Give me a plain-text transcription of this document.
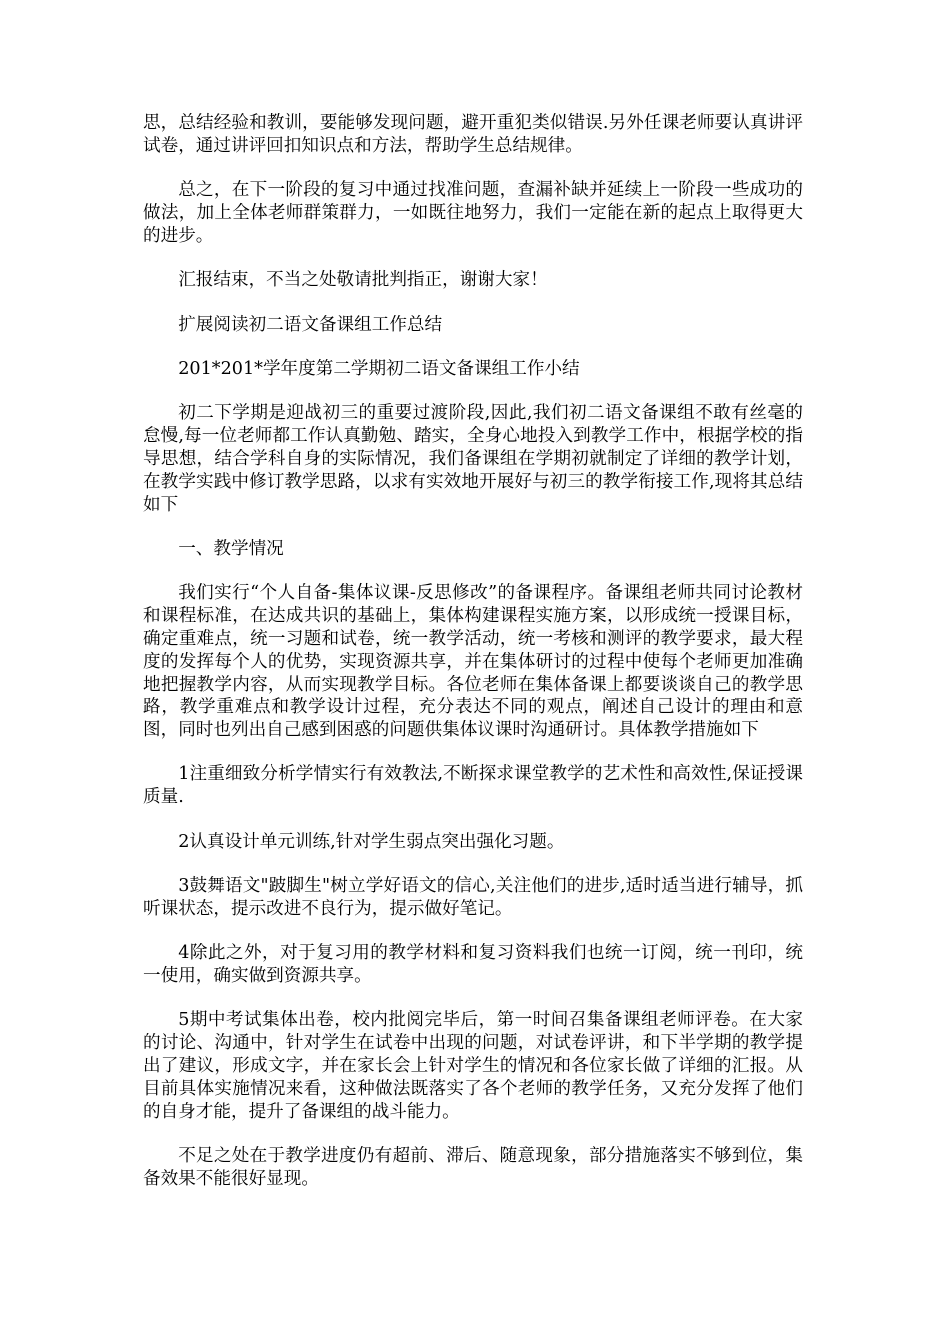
思，总结经验和教训，要能够发现问题，避开重犯类似错误.另外任课老师要认真讲评试卷，通过讲评回扣知识点和方法，帮助学生总结规律。

总之，在下一阶段的复习中通过找准问题，查漏补缺并延续上一阶段一些成功的做法，加上全体老师群策群力，一如既往地努力，我们一定能在新的起点上取得更大的进步。

汇报结束，不当之处敬请批判指正，谢谢大家！

扩展阅读初二语文备课组工作总结

201*201*学年度第二学期初二语文备课组工作小结

初二下学期是迎战初三的重要过渡阶段,因此,我们初二语文备课组不敢有丝毫的怠慢,每一位老师都工作认真勤勉、踏实，全身心地投入到教学工作中，根据学校的指导思想，结合学科自身的实际情况，我们备课组在学期初就制定了详细的教学计划，在教学实践中修订教学思路，以求有实效地开展好与初三的教学衔接工作,现将其总结如下

一、教学情况

我们实行“个人自备-集体议课-反思修改”的备课程序。备课组老师共同讨论教材和课程标准，在达成共识的基础上，集体构建课程实施方案，以形成统一授课目标，确定重难点，统一习题和试卷，统一教学活动，统一考核和测评的教学要求，最大程度的发挥每个人的优势，实现资源共享，并在集体研讨的过程中使每个老师更加准确地把握教学内容，从而实现教学目标。各位老师在集体备课上都要谈谈自己的教学思路，教学重难点和教学设计过程，充分表达不同的观点，阐述自己设计的理由和意图，同时也列出自己感到困惑的问题供集体议课时沟通研讨。具体教学措施如下

1注重细致分析学情实行有效教法,不断探求课堂教学的艺术性和高效性,保证授课质量.

2认真设计单元训练,针对学生弱点突出强化习题。

3鼓舞语文"跛脚生"树立学好语文的信心,关注他们的进步,适时适当进行辅导，抓听课状态，提示改进不良行为，提示做好笔记。

4除此之外，对于复习用的教学材料和复习资料我们也统一订阅，统一刊印，统一使用，确实做到资源共享。

5期中考试集体出卷，校内批阅完毕后，第一时间召集备课组老师评卷。在大家的讨论、沟通中，针对学生在试卷中出现的问题，对试卷评讲，和下半学期的教学提出了建议，形成文字，并在家长会上针对学生的情况和各位家长做了详细的汇报。从目前具体实施情况来看，这种做法既落实了各个老师的教学任务，又充分发挥了他们的自身才能，提升了备课组的战斗能力。

不足之处在于教学进度仍有超前、滞后、随意现象，部分措施落实不够到位，集备效果不能很好显现。
